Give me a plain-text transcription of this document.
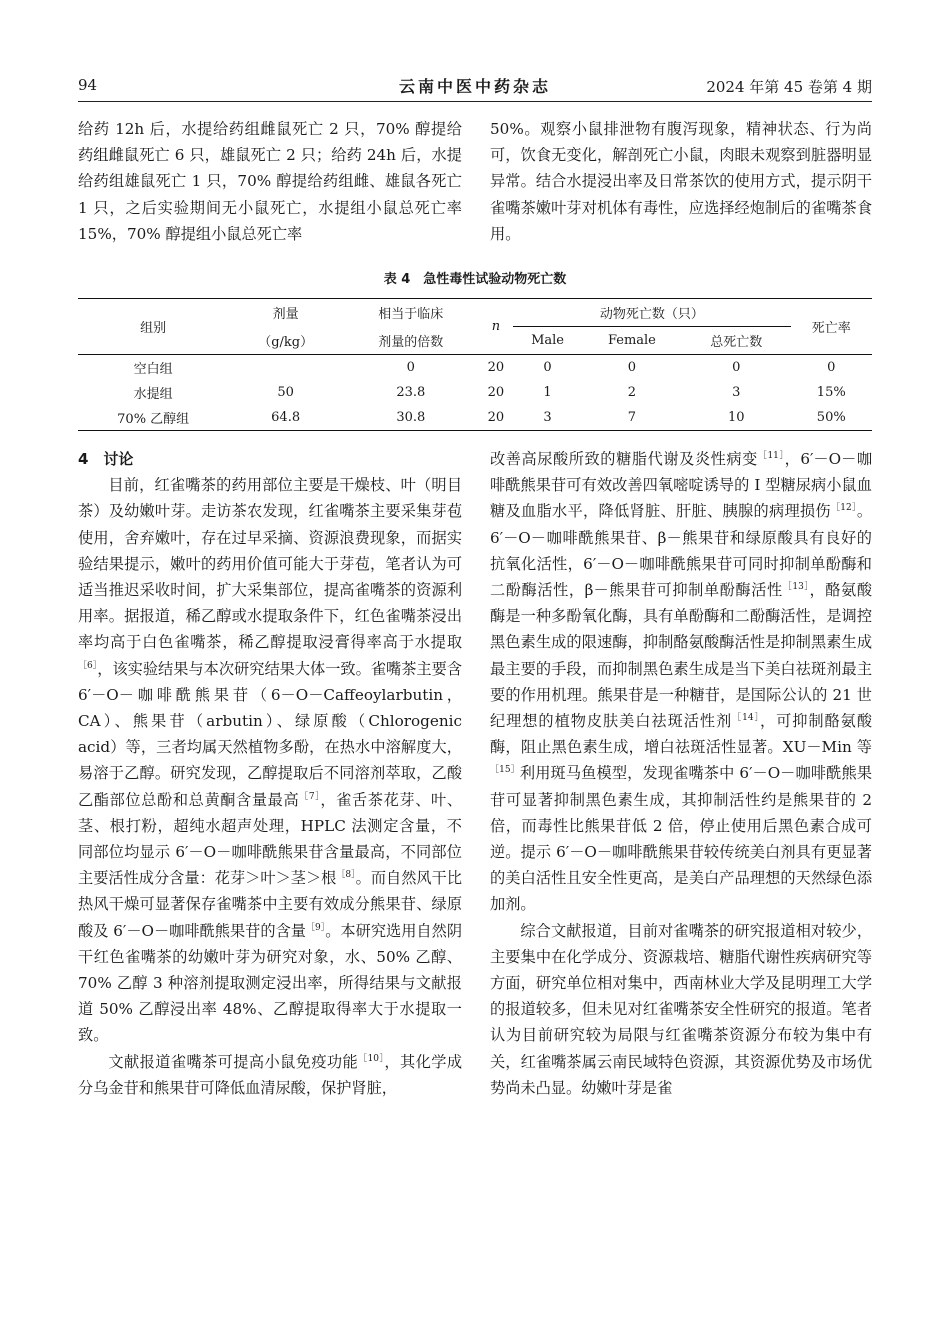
94	云南中医中药杂志	2024 年第 45 卷第 4 期

给药 12h 后，水提给药组雌鼠死亡 2 只，70% 醇提给药组雌鼠死亡 6 只，雄鼠死亡 2 只；给药 24h 后，水提给药组雄鼠死亡 1 只，70% 醇提给药组雌、雄鼠各死亡 1 只，之后实验期间无小鼠死亡，水提组小鼠总死亡率 15%，70% 醇提组小鼠总死亡率

50%。观察小鼠排泄物有腹泻现象，精神状态、行为尚可，饮食无变化，解剖死亡小鼠，肉眼未观察到脏器明显异常。结合水提浸出率及日常茶饮的使用方式，提示阴干雀嘴茶嫩叶芽对机体有毒性，应选择经炮制后的雀嘴茶食用。

表 4　急性毒性试验动物死亡数
组别	剂量	相当于临床	n	动物死亡数（只）			死亡率
	（g/kg）	剂量的倍数		Male	Female	总死亡数	
空白组		0	20	0	0	0	0
水提组	50	23.8	20	1	2	3	15%
70% 乙醇组	64.8	30.8	20	3	7	10	50%

4　讨论

目前，红雀嘴茶的药用部位主要是干燥枝、叶（明目茶）及幼嫩叶芽。走访茶农发现，红雀嘴茶主要采集芽苞使用，舍弃嫩叶，存在过早采摘、资源浪费现象，而据实验结果提示，嫩叶的药用价值可能大于芽苞，笔者认为可适当推迟采收时间，扩大采集部位，提高雀嘴茶的资源利用率。据报道，稀乙醇或水提取条件下，红色雀嘴茶浸出率均高于白色雀嘴茶，稀乙醇提取浸膏得率高于水提取$^{[6]}$，该实验结果与本次研究结果大体一致。雀嘴茶主要含 6′－O－咖啡酰熊果苷（6－O－Caffeoylarbutin，CA）、熊果苷（arbutin）、绿原酸（Chlorogenic acid）等，三者均属天然植物多酚，在热水中溶解度大，易溶于乙醇。研究发现，乙醇提取后不同溶剂萃取，乙酸乙酯部位总酚和总黄酮含量最高$^{[7]}$，雀舌茶花芽、叶、茎、根打粉，超纯水超声处理，HPLC 法测定含量，不同部位均显示 6′－O－咖啡酰熊果苷含量最高，不同部位主要活性成分含量：花芽＞叶＞茎＞根$^{[8]}$。而自然风干比热风干燥可显著保存雀嘴茶中主要有效成分熊果苷、绿原酸及 6′－O－咖啡酰熊果苷的含量$^{[9]}$。本研究选用自然阴干红色雀嘴茶的幼嫩叶芽为研究对象，水、50% 乙醇、70% 乙醇 3 种溶剂提取测定浸出率，所得结果与文献报道 50% 乙醇浸出率 48%、乙醇提取得率大于水提取一致。

文献报道雀嘴茶可提高小鼠免疫功能$^{[10]}$，其化学成分乌金苷和熊果苷可降低血清尿酸，保护肾脏，

改善高尿酸所致的糖脂代谢及炎性病变$^{[11]}$，6′－O－咖啡酰熊果苷可有效改善四氧嘧啶诱导的 I 型糖尿病小鼠血糖及血脂水平，降低肾脏、肝脏、胰腺的病理损伤$^{[12]}$。6′－O－咖啡酰熊果苷、β－熊果苷和绿原酸具有良好的抗氧化活性，6′－O－咖啡酰熊果苷可同时抑制单酚酶和二酚酶活性，β－熊果苷可抑制单酚酶活性$^{[13]}$，酪氨酸酶是一种多酚氧化酶，具有单酚酶和二酚酶活性，是调控黑色素生成的限速酶，抑制酪氨酸酶活性是抑制黑素生成最主要的手段，而抑制黑色素生成是当下美白祛斑剂最主要的作用机理。熊果苷是一种糖苷，是国际公认的 21 世纪理想的植物皮肤美白祛斑活性剂$^{[14]}$，可抑制酪氨酸酶，阻止黑色素生成，增白祛斑活性显著。XU－Min 等$^{[15]}$利用斑马鱼模型，发现雀嘴茶中 6′－O－咖啡酰熊果苷可显著抑制黑色素生成，其抑制活性约是熊果苷的 2 倍，而毒性比熊果苷低 2 倍，停止使用后黑色素合成可逆。提示 6′－O－咖啡酰熊果苷较传统美白剂具有更显著的美白活性且安全性更高，是美白产品理想的天然绿色添加剂。

综合文献报道，目前对雀嘴茶的研究报道相对较少，主要集中在化学成分、资源栽培、糖脂代谢性疾病研究等方面，研究单位相对集中，西南林业大学及昆明理工大学的报道较多，但未见对红雀嘴茶安全性研究的报道。笔者认为目前研究较为局限与红雀嘴茶资源分布较为集中有关，红雀嘴茶属云南民域特色资源，其资源优势及市场优势尚未凸显。幼嫩叶芽是雀
